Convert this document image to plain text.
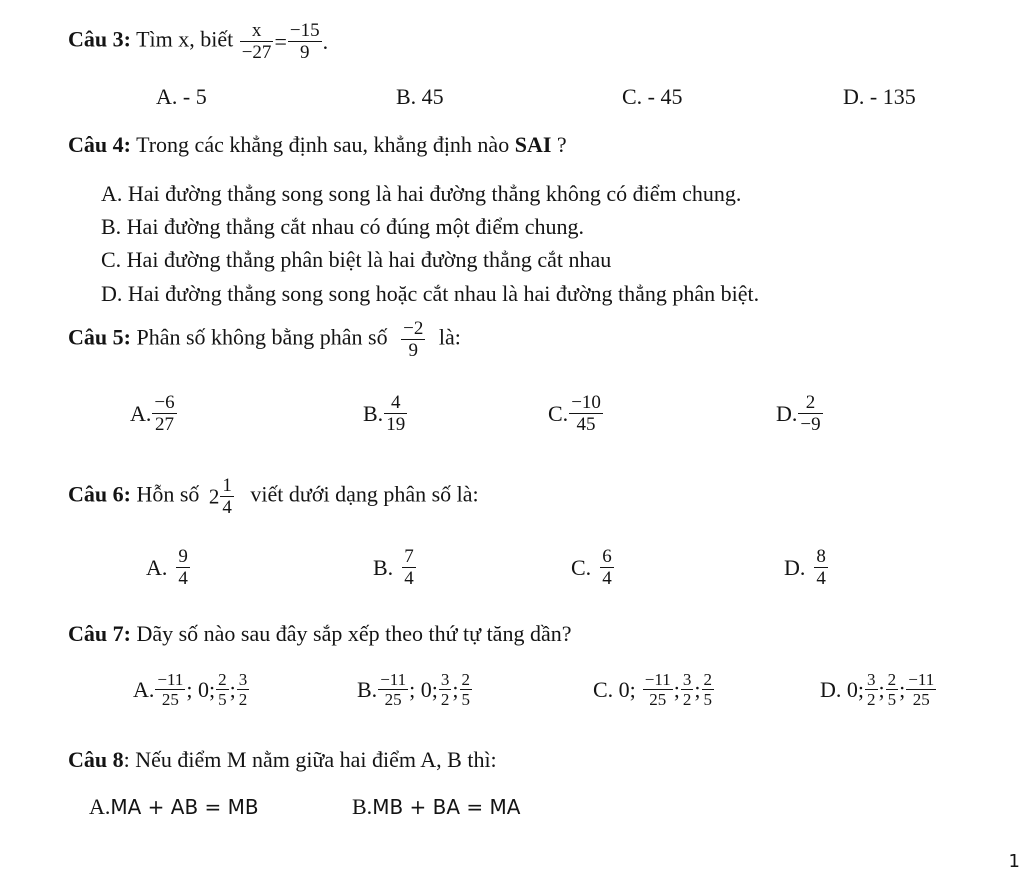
Câu 3: Tìm x, biết $\frac{x}{-27} = \frac{-15}{9}$ .
A. - 5	B. 45	C. - 45	D. - 135
Câu 4: Trong các khẳng định sau, khẳng định nào SAI ?
A. Hai đường thẳng song song là hai đường thẳng không có điểm chung.
B. Hai đường thẳng cắt nhau có đúng một điểm chung.
C. Hai đường thẳng phân biệt là hai đường thẳng cắt nhau
D. Hai đường thẳng song song hoặc cắt nhau là hai đường thẳng phân biệt.
Câu 5: Phân số không bằng phân số $\frac{-2}{9}$ là:
A. $\frac{-6}{27}$	B. $\frac{4}{19}$	C. $\frac{-10}{45}$	D. $\frac{2}{-9}$
Câu 6: Hỗn số $2 \frac{1}{4}$ viết dưới dạng phân số là:
A. $\frac{9}{4}$	B. $\frac{7}{4}$	C. $\frac{6}{4}$	D. $\frac{8}{4}$
Câu 7: Dãy số nào sau đây sắp xếp theo thứ tự tăng dần?
A. $\frac{-11}{25}$ ; 0; $\frac{2}{5}$ ; $\frac{3}{2}$	B. $\frac{-11}{25}$ ; 0; $\frac{3}{2}$ ; $\frac{2}{5}$	C. 0; $\frac{-11}{25}$ ; $\frac{3}{2}$ ; $\frac{2}{5}$	D. 0; $\frac{3}{2}$ ; $\frac{2}{5}$ ; $\frac{-11}{25}$
Câu 8: Nếu điểm M nằm giữa hai điểm A, B thì:
A.MA + AB = MB	B.MB + BA = MA
1
